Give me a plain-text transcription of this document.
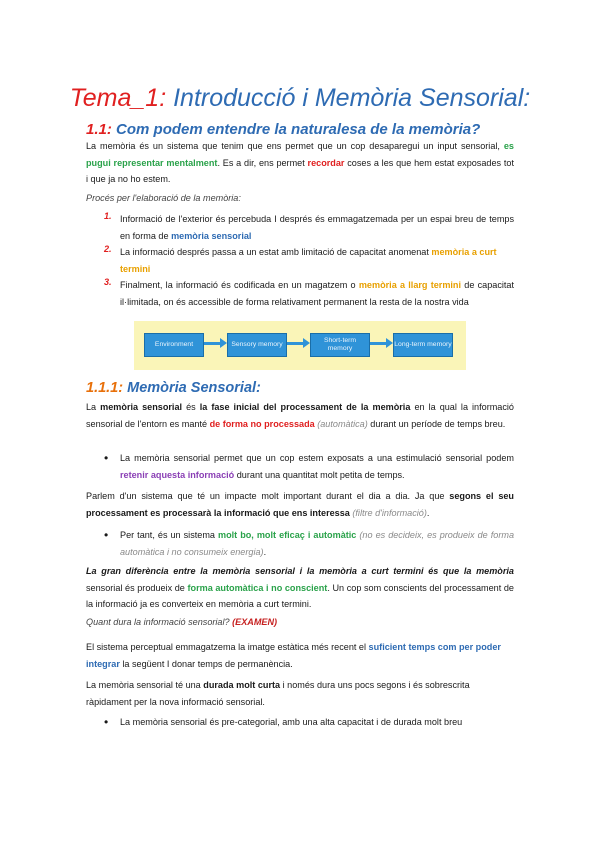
Tema_1: Introducció i Memòria Sensorial:
1.1: Com podem entendre la naturalesa de la memòria?
La memòria és un sistema que tenim que ens permet que un cop desaparegui un input sensorial, es pugui representar mentalment. Es a dir, ens permet recordar coses a les que hem estat exposades tot i que ja no ho estem.
Procés per l'elaboració de la memòria:
1. Informació de l'exterior és percebuda I després és emmagatzemada per un espai breu de temps en forma de memòria sensorial
2. La informació després passa a un estat amb limitació de capacitat anomenat memòria a curt termini
3. Finalment, la informació és codificada en un magatzem o memòria a llarg termini de capacitat il·limitada, on és accessible de forma relativament permanent la resta de la nostra vida
Environment	Sensory memory
Short-term memory
Long-term memory
1.1.1: Memòria Sensorial:
La memòria sensorial és la fase inicial del processament de la memòria en la qual la informació sensorial de l'entorn es manté de forma no processada (automàtica) durant un període de temps breu.
• La memòria sensorial permet que un cop estem exposats a una estimulació sensorial podem retenir aquesta informació durant una quantitat molt petita de temps.
Parlem d'un sistema que té un impacte molt important durant el dia a dia. Ja que segons el seu processament es processarà la informació que ens interessa (filtre d'informació).
• Per tant, és un sistema molt bo, molt eficaç i automàtic (no es decideix, es produeix de forma automàtica i no consumeix energia).
La gran diferència entre la memòria sensorial i la memòria a curt termini és que la memòria sensorial és produeix de forma automàtica i no conscient. Un cop som conscients del processament de la informació ja es converteix en memòria a curt termini.
Quant dura la informació sensorial? (EXAMEN)
El sistema perceptual emmagatzema la imatge estàtica més recent el suficient temps com per poder integrar la següent I donar temps de permanència.
La memòria sensorial té una durada molt curta i només dura uns pocs segons i és sobrescrita ràpidament per la nova informació sensorial.
• La memòria sensorial és pre-categorial, amb una alta capacitat i de durada molt breu
